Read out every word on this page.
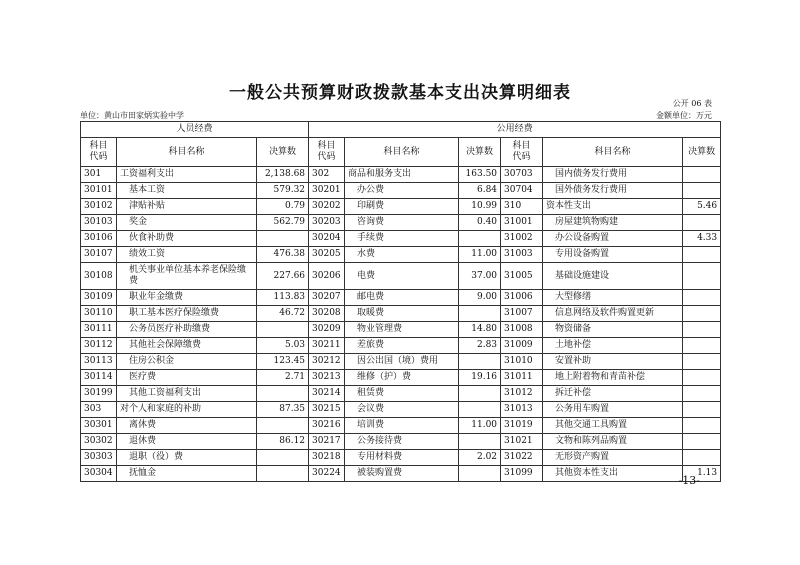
一般公共预算财政拨款基本支出决算明细表
公开 06 表
单位：黄山市田家炳实验中学	金额单位：万元
人员经费			公用经费					
科目
代码	科目名称	决算数	科目
代码	科目名称	决算数	科目
代码	科目名称	决算数
301	工资福利支出	2,138.68	302	商品和服务支出	163.50	30703	国内债务发行费用	
30101	基本工资	579.32	30201	办公费	6.84	30704	国外债务发行费用	
30102	津贴补贴	0.79	30202	印刷费	10.99	310	资本性支出	5.46
30103	奖金	562.79	30203	咨询费	0.40	31001	房屋建筑物购建	
30106	伙食补助费		30204	手续费		31002	办公设备购置	4.33
30107	绩效工资	476.38	30205	水费	11.00	31003	专用设备购置	
30108	机关事业单位基本养老保险缴费	227.66	30206	电费	37.00	31005	基础设施建设	
30109	职业年金缴费	113.83	30207	邮电费	9.00	31006	大型修缮	
30110	职工基本医疗保险缴费	46.72	30208	取暖费		31007	信息网络及软件购置更新	
30111	公务员医疗补助缴费		30209	物业管理费	14.80	31008	物资储备	
30112	其他社会保障缴费	5.03	30211	差旅费	2.83	31009	土地补偿	
30113	住房公积金	123.45	30212	因公出国（境）费用		31010	安置补助	
30114	医疗费	2.71	30213	维修（护）费	19.16	31011	地上附着物和青苗补偿	
30199	其他工资福利支出		30214	租赁费		31012	拆迁补偿	
303	对个人和家庭的补助	87.35	30215	会议费		31013	公务用车购置	
30301	离休费		30216	培训费	11.00	31019	其他交通工具购置	
30302	退休费	86.12	30217	公务接待费		31021	文物和陈列品购置	
30303	退职（役）费		30218	专用材料费	2.02	31022	无形资产购置	
30304	抚恤金		30224	被装购置费		31099	其他资本性支出	1.13
-13-
